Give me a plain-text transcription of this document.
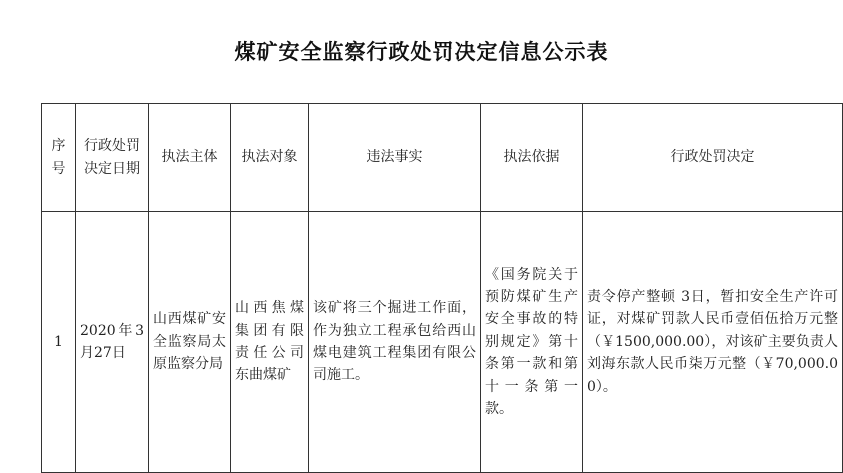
煤矿安全监察行政处罚决定信息公示表
序号	行政处罚决定日期	执法主体	执法对象	违法事实	执法依据	行政处罚决定
1	2020年3月27日	山西煤矿安全监察局太原监察分局	山西焦煤集团有限责任公司东曲煤矿	该矿将三个掘进工作面，作为独立工程承包给西山煤电建筑工程集团有限公司施工。	《国务院关于预防煤矿生产安全事故的特别规定》第十条第一款和第十一条第一款。	责令停产整顿 3日，暂扣安全生产许可证，对煤矿罚款人民币壹佰伍拾万元整（￥1500,000.00），对该矿主要负责人刘海东款人民币柒万元整（￥70,000.00）。
